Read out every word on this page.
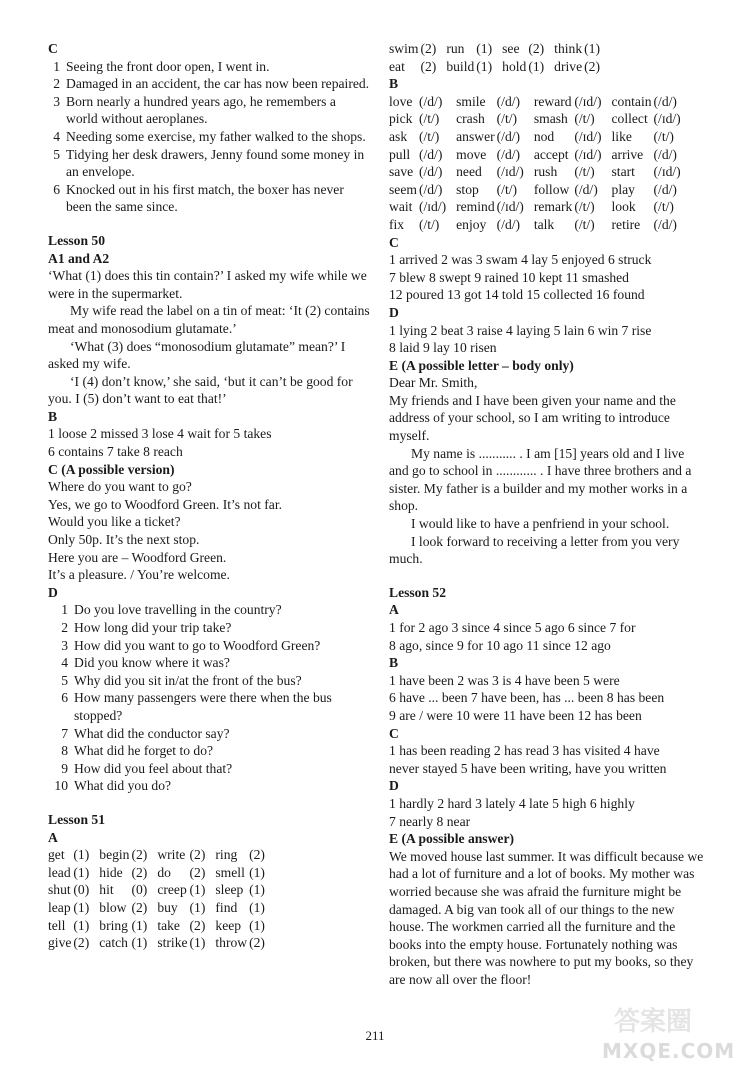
C
1 Seeing the front door open, I went in.
2 Damaged in an accident, the car has now been repaired.
3 Born nearly a hundred years ago, he remembers a world without aeroplanes.
4 Needing some exercise, my father walked to the shops.
5 Tidying her desk drawers, Jenny found some money in an envelope.
6 Knocked out in his first match, the boxer has never been the same since.
Lesson 50
A1 and A2

‘What (1) does this tin contain?’ I asked my wife while we were in the supermarket.

My wife read the label on a tin of meat: ‘It (2) contains meat and monosodium glutamate.’

‘What (3) does “monosodium glutamate” mean?’ I asked my wife.

‘I (4) don’t know,’ she said, ‘but it can’t be good for you. I (5) don’t want to eat that!’

B

1 loose 2 missed 3 lose 4 wait for 5 takes

6 contains 7 take 8 reach

C (A possible version)

Where do you want to go?

Yes, we go to Woodford Green. It’s not far.

Would you like a ticket?

Only 50p. It’s the next stop.

Here you are – Woodford Green.

It’s a pleasure. / You’re welcome.

D
1 Do you love travelling in the country?
2 How long did your trip take?
3 How did you want to go to Woodford Green?
4 Did you know where it was?
5 Why did you sit in/at the front of the bus?
6 How many passengers were there when the bus stopped?
7 What did the conductor say?
8 What did he forget to do?
9 How did you feel about that?
10 What did you do?
Lesson 51
A
get	(1)	begin	(2)	write	(2)	ring	(2)
lead	(1)	hide	(2)	do	(2)	smell	(1)
shut	(0)	hit	(0)	creep	(1)	sleep	(1)
leap	(1)	blow	(2)	buy	(1)	find	(1)
tell	(1)	bring	(1)	take	(2)	keep	(1)
give	(2)	catch	(1)	strike	(1)	throw	(2)
swim	(2)	run	(1)	see	(2)	think	(1)
eat	(2)	build	(1)	hold	(1)	drive	(2)
B
love	(/d/)	smile	(/d/)	reward	(/ɪd/)	contain	(/d/)
pick	(/t/)	crash	(/t/)	smash	(/t/)	collect	(/ɪd/)
ask	(/t/)	answer	(/d/)	nod	(/ɪd/)	like	(/t/)
pull	(/d/)	move	(/d/)	accept	(/ɪd/)	arrive	(/d/)
save	(/d/)	need	(/ɪd/)	rush	(/t/)	start	(/ɪd/)
seem	(/d/)	stop	(/t/)	follow	(/d/)	play	(/d/)
wait	(/ɪd/)	remind	(/ɪd/)	remark	(/t/)	look	(/t/)
fix	(/t/)	enjoy	(/d/)	talk	(/t/)	retire	(/d/)
C

1 arrived 2 was 3 swam 4 lay 5 enjoyed 6 struck

7 blew 8 swept 9 rained 10 kept 11 smashed

12 poured 13 got 14 told 15 collected 16 found

D

1 lying 2 beat 3 raise 4 laying 5 lain 6 win 7 rise

8 laid 9 lay 10 risen

E (A possible letter – body only)

Dear Mr. Smith,

My friends and I have been given your name and the address of your school, so I am writing to introduce myself.

My name is ........... . I am [15] years old and I live and go to school in ............ . I have three brothers and a sister. My father is a builder and my mother works in a shop.

I would like to have a penfriend in your school.

I look forward to receiving a letter from you very much.

Lesson 52
A

1 for 2 ago 3 since 4 since 5 ago 6 since 7 for

8 ago, since 9 for 10 ago 11 since 12 ago

B

1 have been 2 was 3 is 4 have been 5 were

6 have ... been 7 have been, has ... been 8 has been

9 are / were 10 were 11 have been 12 has been

C

1 has been reading 2 has read 3 has visited 4 have

never stayed 5 have been writing, have you written

D

1 hardly 2 hard 3 lately 4 late 5 high 6 highly

7 nearly 8 near

E (A possible answer)

We moved house last summer. It was difficult because we had a lot of furniture and a lot of books. My mother was worried because she was afraid the furniture might be damaged. A big van took all of our things to the new house. The workmen carried all the furniture and the books into the empty house. Fortunately nothing was broken, but there was nowhere to put my books, so they are now all over the floor!

211	答案圈
MXQE.COM
